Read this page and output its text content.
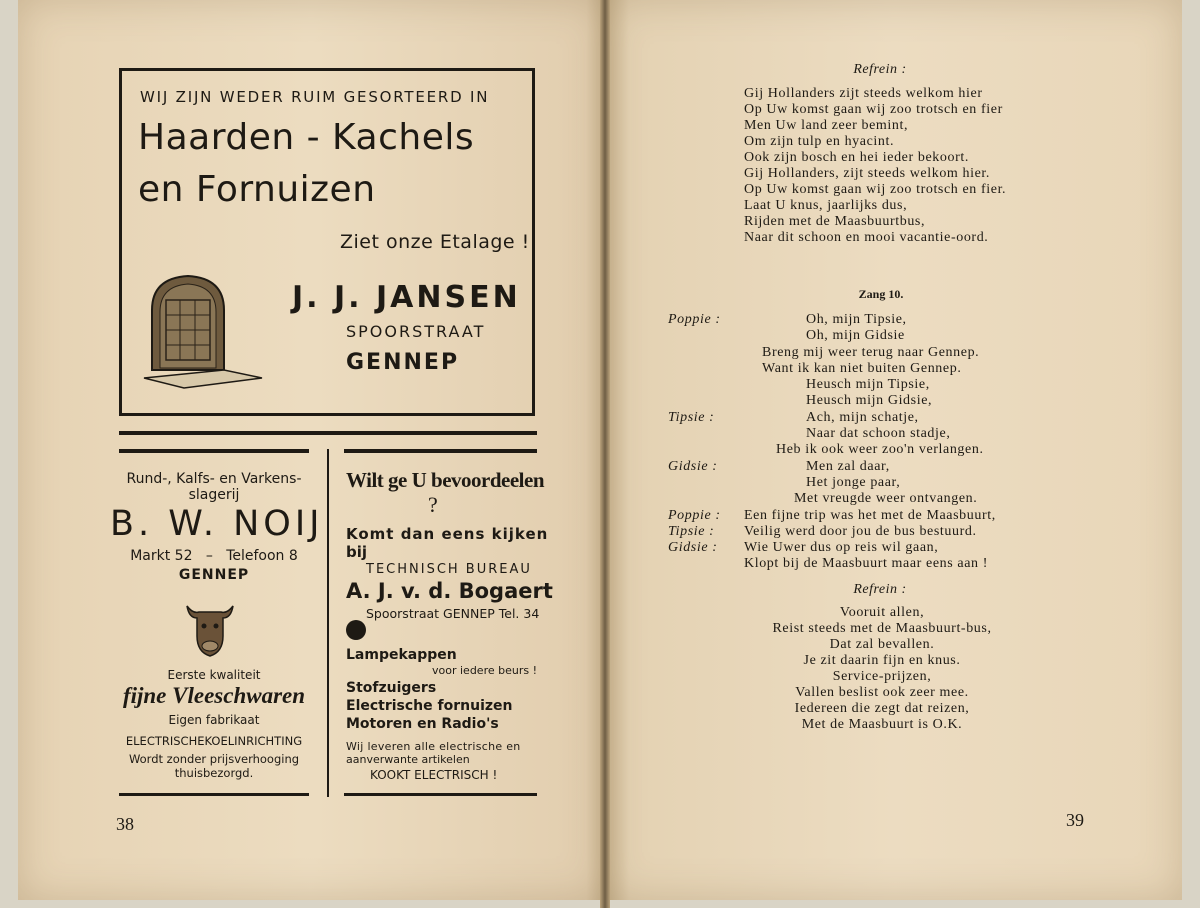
WIJ ZIJN WEDER RUIM GESORTEERD IN
Haarden - Kachels
en Fornuizen
Ziet onze Etalage !
J. J. JANSEN
SPOORSTRAAT
GENNEP
Rund-, Kalfs- en Varkens-
slagerij
B. W. NOIJ
Markt 52   –   Telefoon 8
GENNEP
Eerste kwaliteit
fijne Vleeschwaren
Eigen fabrikaat
ELECTRISCHEKOELINRICHTING
Wordt zonder prijsverhooging
thuisbezorgd.
Wilt ge U bevoordeelen
?
Komt dan eens kijken
bij
TECHNISCH BUREAU
A. J. v. d. Bogaert
Spoorstraat GENNEP Tel. 34
Lampekappen
voor iedere beurs !
Stofzuigers
Electrische fornuizen
Motoren en Radio's
Wij leveren alle electrische en
aanverwante artikelen
KOOKT ELECTRISCH !
38
Refrein :
Gij Hollanders zijt steeds welkom hier
Op Uw komst gaan wij zoo trotsch en fier
Men Uw land zeer bemint,
Om zijn tulp en hyacint.
Ook zijn bosch en hei ieder bekoort.
Gij Hollanders, zijt steeds welkom hier.
Op Uw komst gaan wij zoo trotsch en fier.
Laat U knus, jaarlijks dus,
Rijden met de Maasbuurtbus,
Naar dit schoon en mooi vacantie-oord.
Zang 10.
Poppie :	Oh, mijn Tipsie,
Oh, mijn Gidsie
Breng mij weer terug naar Gennep.
Want ik kan niet buiten Gennep.
Heusch mijn Tipsie,
Heusch mijn Gidsie,
Tipsie :	Ach, mijn schatje,
Naar dat schoon stadje,
Heb ik ook weer zoo'n verlangen.
Gidsie :	Men zal daar,
Het jonge paar,
Met vreugde weer ontvangen.
Poppie : Een fijne trip was het met de Maasbuurt,
Tipsie : Veilig werd door jou de bus bestuurd.
Gidsie : Wie Uwer dus op reis wil gaan,
Klopt bij de Maasbuurt maar eens aan !
Refrein :
Vooruit allen,
Reist steeds met de Maasbuurt-bus,
Dat zal bevallen.
Je zit daarin fijn en knus.
Service-prijzen,
Vallen beslist ook zeer mee.
Iedereen die zegt dat reizen,
Met de Maasbuurt is O.K.
39
